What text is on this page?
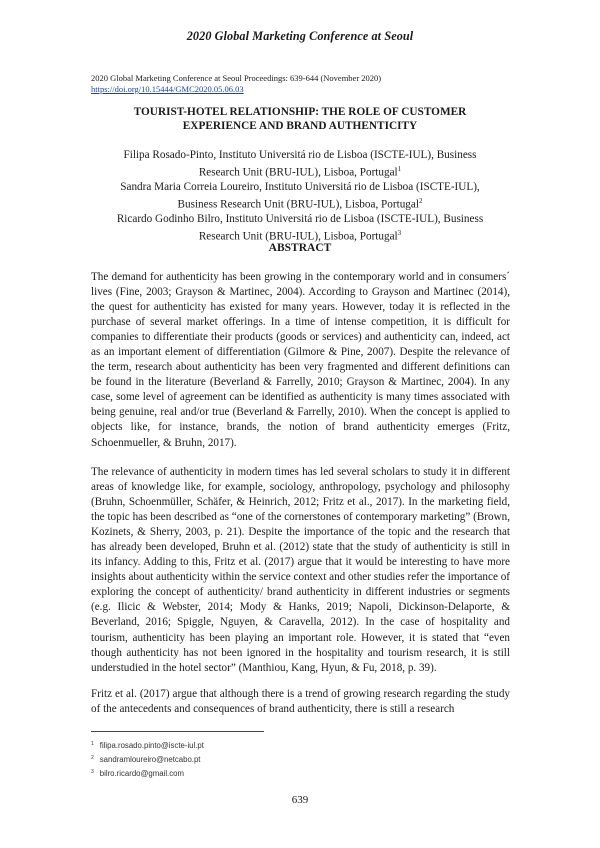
2020 Global Marketing Conference at Seoul
2020 Global Marketing Conference at Seoul Proceedings: 639-644 (November 2020)
https://doi.org/10.15444/GMC2020.05.06.03
TOURIST-HOTEL RELATIONSHIP: THE ROLE OF CUSTOMER
EXPERIENCE AND BRAND AUTHENTICITY
Filipa Rosado-Pinto, Instituto Universitá rio de Lisboa (ISCTE-IUL), Business
Research Unit (BRU-IUL), Lisboa, Portugal$^1$
Sandra Maria Correia Loureiro, Instituto Universitá rio de Lisboa (ISCTE-IUL),
Business Research Unit (BRU-IUL), Lisboa, Portugal$^2$
Ricardo Godinho Bilro, Instituto Universitá rio de Lisboa (ISCTE-IUL), Business
Research Unit (BRU-IUL), Lisboa, Portugal$^3$
ABSTRACT

The demand for authenticity has been growing in the contemporary world and in consumers´ lives (Fine, 2003; Grayson & Martinec, 2004). According to Grayson and Martinec (2014), the quest for authenticity has existed for many years. However, today it is reflected in the purchase of several market offerings. In a time of intense competition, it is difficult for companies to differentiate their products (goods or services) and authenticity can, indeed, act as an important element of differentiation (Gilmore & Pine, 2007). Despite the relevance of the term, research about authenticity has been very fragmented and different definitions can be found in the literature (Beverland & Farrelly, 2010; Grayson & Martinec, 2004). In any case, some level of agreement can be identified as authenticity is many times associated with being genuine, real and/or true (Beverland & Farrelly, 2010). When the concept is applied to objects like, for instance, brands, the notion of brand authenticity emerges (Fritz, Schoenmueller, & Bruhn, 2017).

The relevance of authenticity in modern times has led several scholars to study it in different areas of knowledge like, for example, sociology, anthropology, psychology and philosophy (Bruhn, Schoenmüller, Schäfer, & Heinrich, 2012; Fritz et al., 2017). In the marketing field, the topic has been described as “one of the cornerstones of contemporary marketing” (Brown, Kozinets, & Sherry, 2003, p. 21). Despite the importance of the topic and the research that has already been developed, Bruhn et al. (2012) state that the study of authenticity is still in its infancy. Adding to this, Fritz et al. (2017) argue that it would be interesting to have more insights about authenticity within the service context and other studies refer the importance of exploring the concept of authenticity/ brand authenticity in different industries or segments (e.g. Ilicic & Webster, 2014; Mody & Hanks, 2019; Napoli, Dickinson-Delaporte, & Beverland, 2016; Spiggle, Nguyen, & Caravella, 2012). In the case of hospitality and tourism, authenticity has been playing an important role. However, it is stated that “even though authenticity has not been ignored in the hospitality and tourism research, it is still understudied in the hotel sector” (Manthiou, Kang, Hyun, & Fu, 2018, p. 39).

Fritz et al. (2017) argue that although there is a trend of growing research regarding the study of the antecedents and consequences of brand authenticity, there is still a research

$^1$ filipa.rosado.pinto@iscte-iul.pt
$^2$ sandramloureiro@netcabo.pt
$^3$ bilro.ricardo@gmail.com
639
